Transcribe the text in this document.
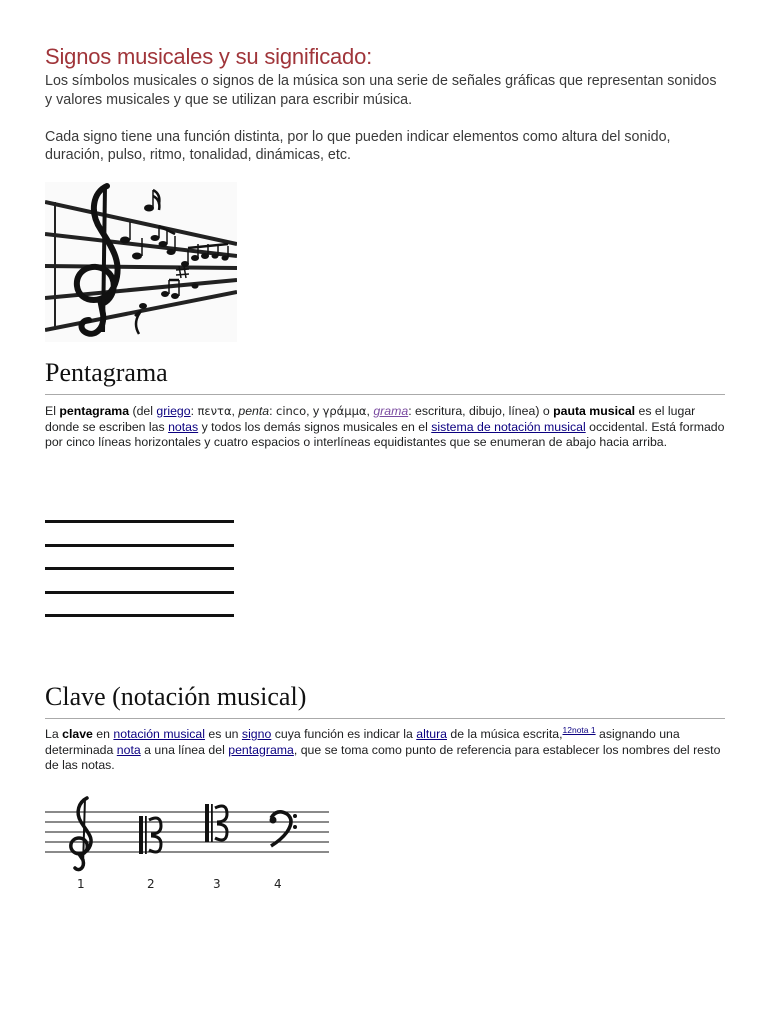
Signos musicales y su significado:

Los símbolos musicales o signos de la música son una serie de señales gráficas que representan sonidos y valores musicales y que se utilizan para escribir música.

Cada signo tiene una función distinta, por lo que pueden indicar elementos como altura del sonido, duración, pulso, ritmo, tonalidad, dinámicas, etc.

Pentagrama
El pentagrama (del griego: πεντα, penta: cinco, y γράμμα, grama: escritura, dibujo, línea) o pauta musical es el lugar donde se escriben las notas y todos los demás signos musicales en el sistema de notación musical occidental. Está formado por cinco líneas horizontales y cuatro espacios o interlíneas equidistantes que se enumeran de abajo hacia arriba.
Clave (notación musical)
La clave en notación musical es un signo cuya función es indicar la altura de la música escrita,$^{12nota 1}$ asignando una determinada nota a una línea del pentagrama, que se toma como punto de referencia para establecer los nombres del resto de las notas.
1	2	3	4
